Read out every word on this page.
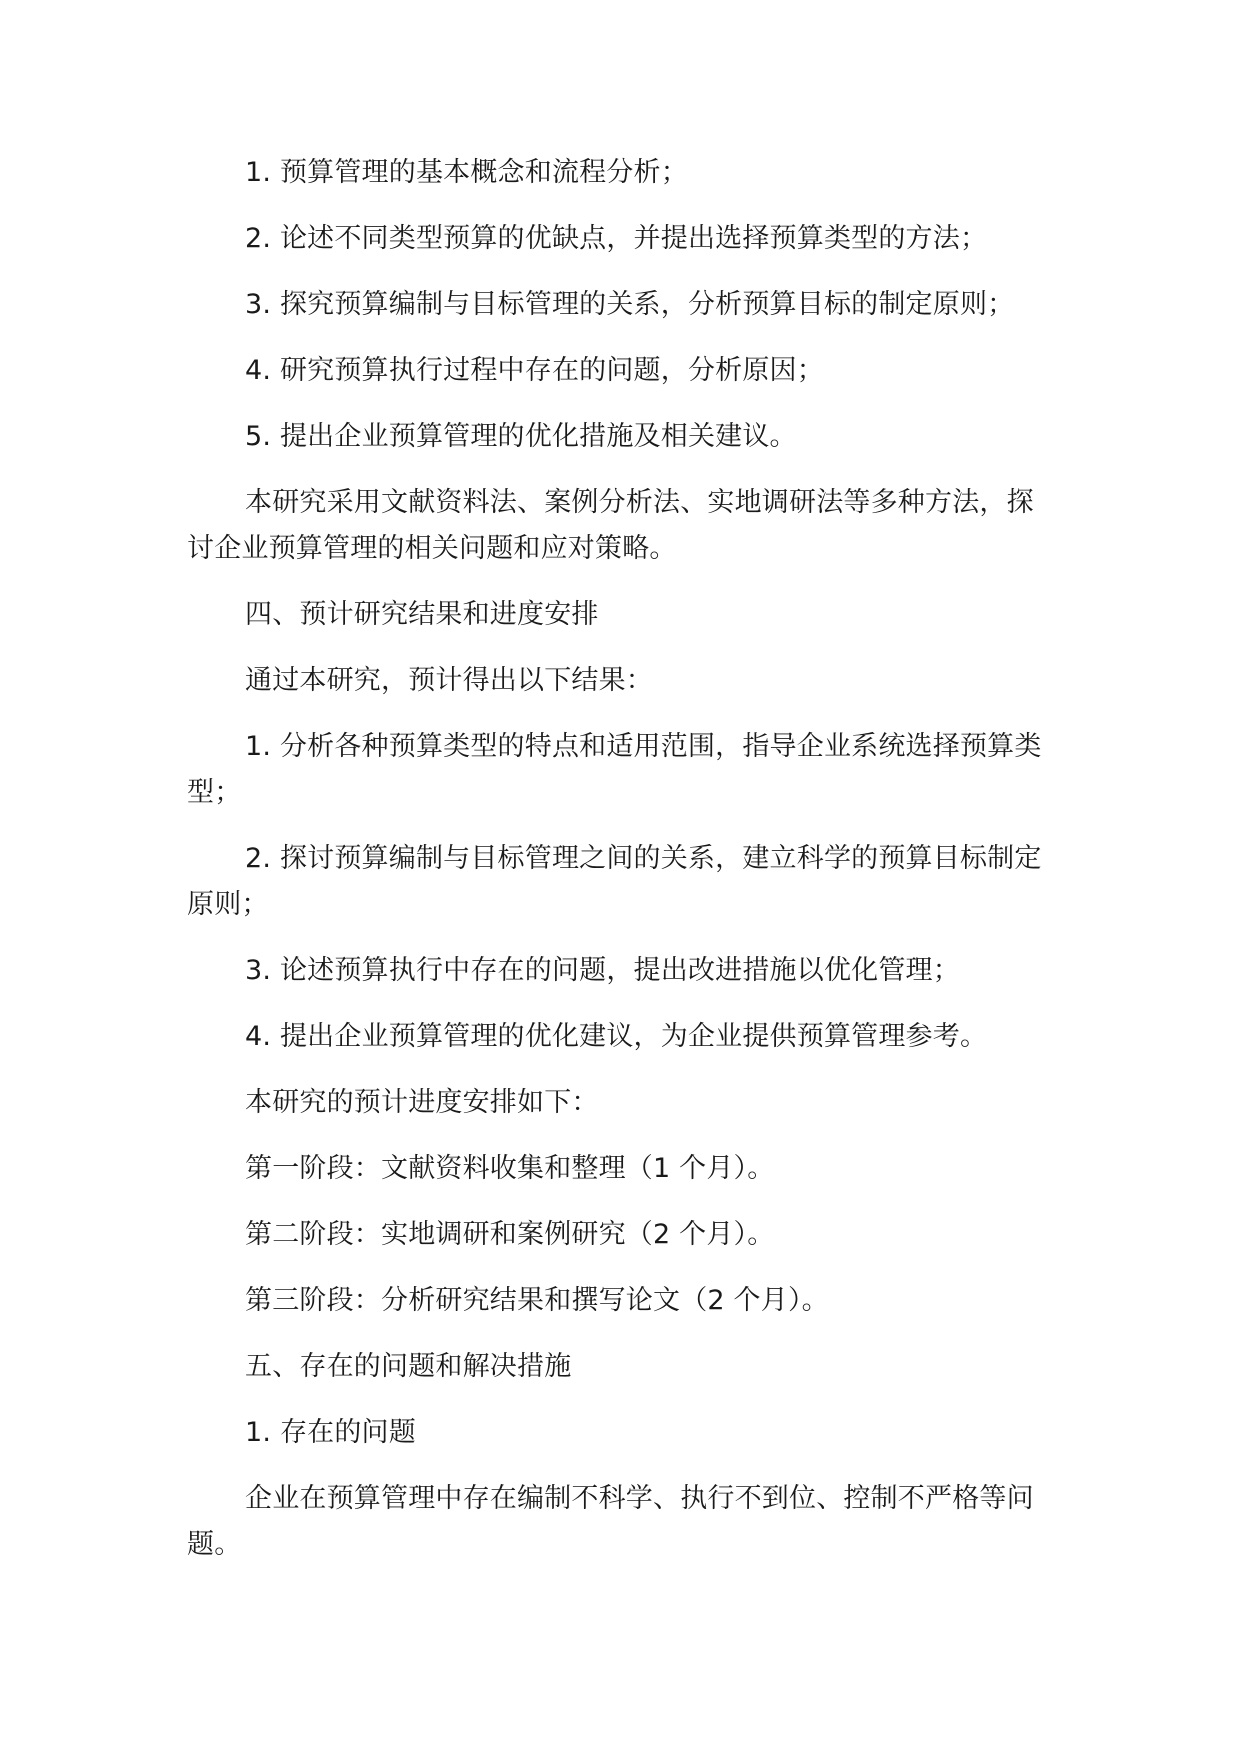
1. 预算管理的基本概念和流程分析；

2. 论述不同类型预算的优缺点，并提出选择预算类型的方法；

3. 探究预算编制与目标管理的关系，分析预算目标的制定原则；

4. 研究预算执行过程中存在的问题，分析原因；

5. 提出企业预算管理的优化措施及相关建议。

本研究采用文献资料法、案例分析法、实地调研法等多种方法，探讨企业预算管理的相关问题和应对策略。

四、预计研究结果和进度安排

通过本研究，预计得出以下结果：

1. 分析各种预算类型的特点和适用范围，指导企业系统选择预算类型；

2. 探讨预算编制与目标管理之间的关系，建立科学的预算目标制定原则；

3. 论述预算执行中存在的问题，提出改进措施以优化管理；

4. 提出企业预算管理的优化建议，为企业提供预算管理参考。

本研究的预计进度安排如下：

第一阶段：文献资料收集和整理（1 个月）。

第二阶段：实地调研和案例研究（2 个月）。

第三阶段：分析研究结果和撰写论文（2 个月）。

五、存在的问题和解决措施

1. 存在的问题

企业在预算管理中存在编制不科学、执行不到位、控制不严格等问题。
